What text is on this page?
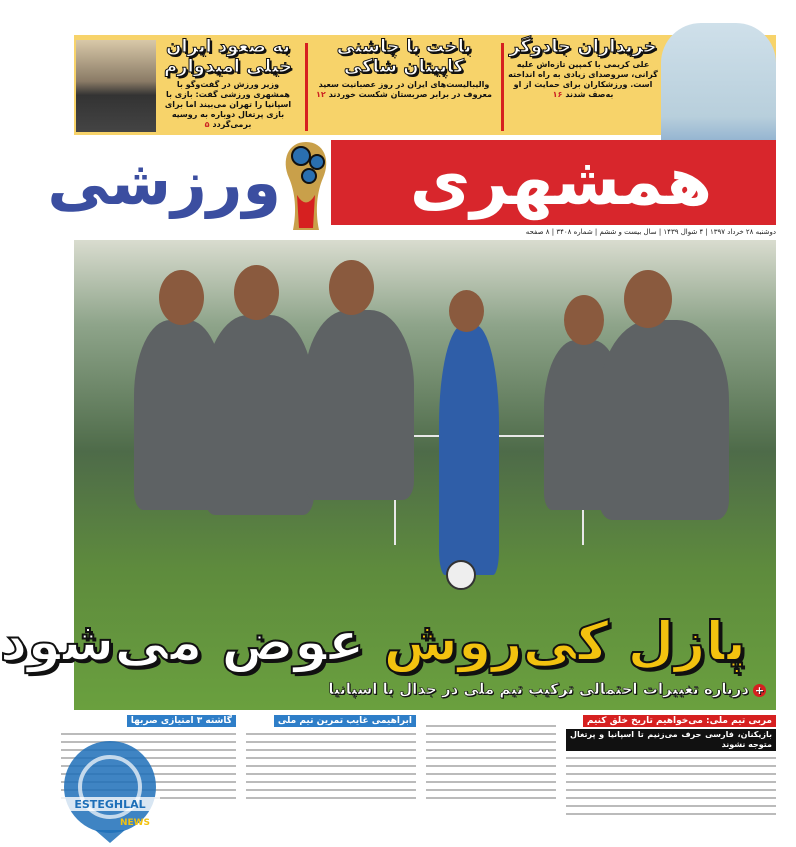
خریداران جادوگر

علی کریمی با کمپین تازه‌اش علیه گرانی، سروصدای زیادی به راه انداخته است. ورزشکاران برای حمایت از او به‌صف شدند۱۶

باخت با چاشنی کاپیتان شاکی

والیبالیست‌های ایران در روز عصبانیت سعید معروف در برابر صربستان شکست خوردند۱۲

به صعود ایران خیلی امیدوارم

وزیر ورزش در گفت‌وگو با همشهری ورزشی گفت: بازی با اسپانیا را تهران می‌بیند اما برای بازی پرتغال دوباره به روسیه برمی‌گردد۵

همشهری
ورزشی
دوشنبه ۲۸ خرداد ۱۳۹۷ | ۴ شوال ۱۴۳۹ | سال بیست و ششم | شماره ۳۴۰۸ | ۸ صفحه
پازل کی‌روش عوض می‌شود
+درباره تغییرات احتمالی ترکیب تیم ملی در جدال با اسپانیا
مربی تیم ملی: می‌خواهیم تاریخ خلق کنیم
بازیکنان، فارسی حرف می‌زنیم تا اسپانیا و پرتغال متوجه نشوند
ابراهیمی غایب تمرین تیم ملی
گاشته ۳ امتیازی صربها
ESTEGHLAL
NEWS
